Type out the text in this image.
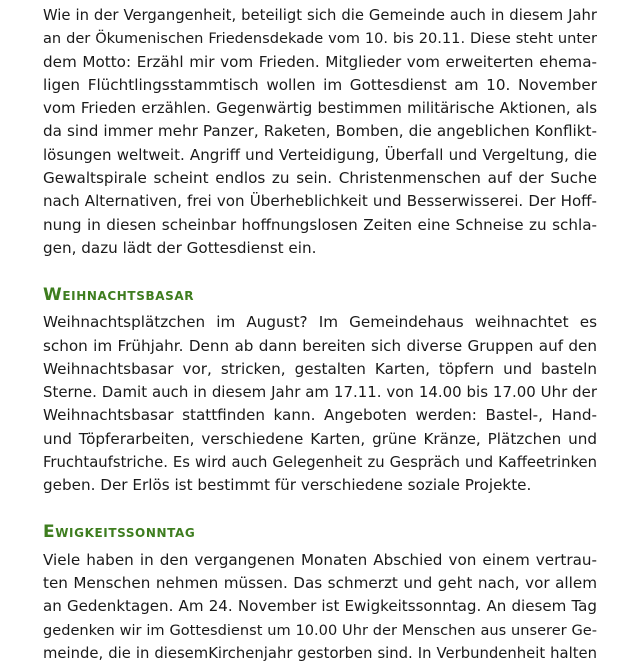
Wie in der Vergangenheit, beteiligt sich die Gemeinde auch in diesem Jahr
an der Ökumenischen Friedensdekade vom 10. bis 20.11. Diese steht unter
dem Motto: Erzähl mir vom Frieden. Mitglieder vom erweiterten ehema-
ligen Flüchtlingsstammtisch wollen im Gottesdienst am 10. November
vom Frieden erzählen. Gegenwärtig bestimmen militärische Aktionen, als
da sind immer mehr Panzer, Raketen, Bomben, die angeblichen Konflikt-
lösungen weltweit. Angriff und Verteidigung, Überfall und Vergeltung, die
Gewaltspirale scheint endlos zu sein. Christenmenschen auf der Suche
nach Alternativen, frei von Überheblichkeit und Besserwisserei. Der Hoff-
nung in diesen scheinbar hoffnungslosen Zeiten eine Schneise zu schla-
gen, dazu lädt der Gottesdienst ein.
Weihnachtsbasar
Weihnachtsplätzchen im August? Im Gemeindehaus weihnachtet es
schon im Frühjahr. Denn ab dann bereiten sich diverse Gruppen auf den
Weihnachtsbasar vor, stricken, gestalten Karten, töpfern und basteln
Sterne. Damit auch in diesem Jahr am 17.11. von 14.00 bis 17.00 Uhr der
Weihnachtsbasar stattfinden kann. Angeboten werden: Bastel-, Hand-
und Töpferarbeiten, verschiedene Karten, grüne Kränze, Plätzchen und
Fruchtaufstriche. Es wird auch Gelegenheit zu Gespräch und Kaffeetrinken
geben. Der Erlös ist bestimmt für verschiedene soziale Projekte.
Ewigkeitssonntag
Viele haben in den vergangenen Monaten Abschied von einem vertrau-
ten Menschen nehmen müssen. Das schmerzt und geht nach, vor allem
an Gedenktagen. Am 24. November ist Ewigkeitssonntag. An diesem Tag
gedenken wir im Gottesdienst um 10.00 Uhr der Menschen aus unserer Ge-
meinde, die in diesemKirchenjahr gestorben sind. In Verbundenheit halten
